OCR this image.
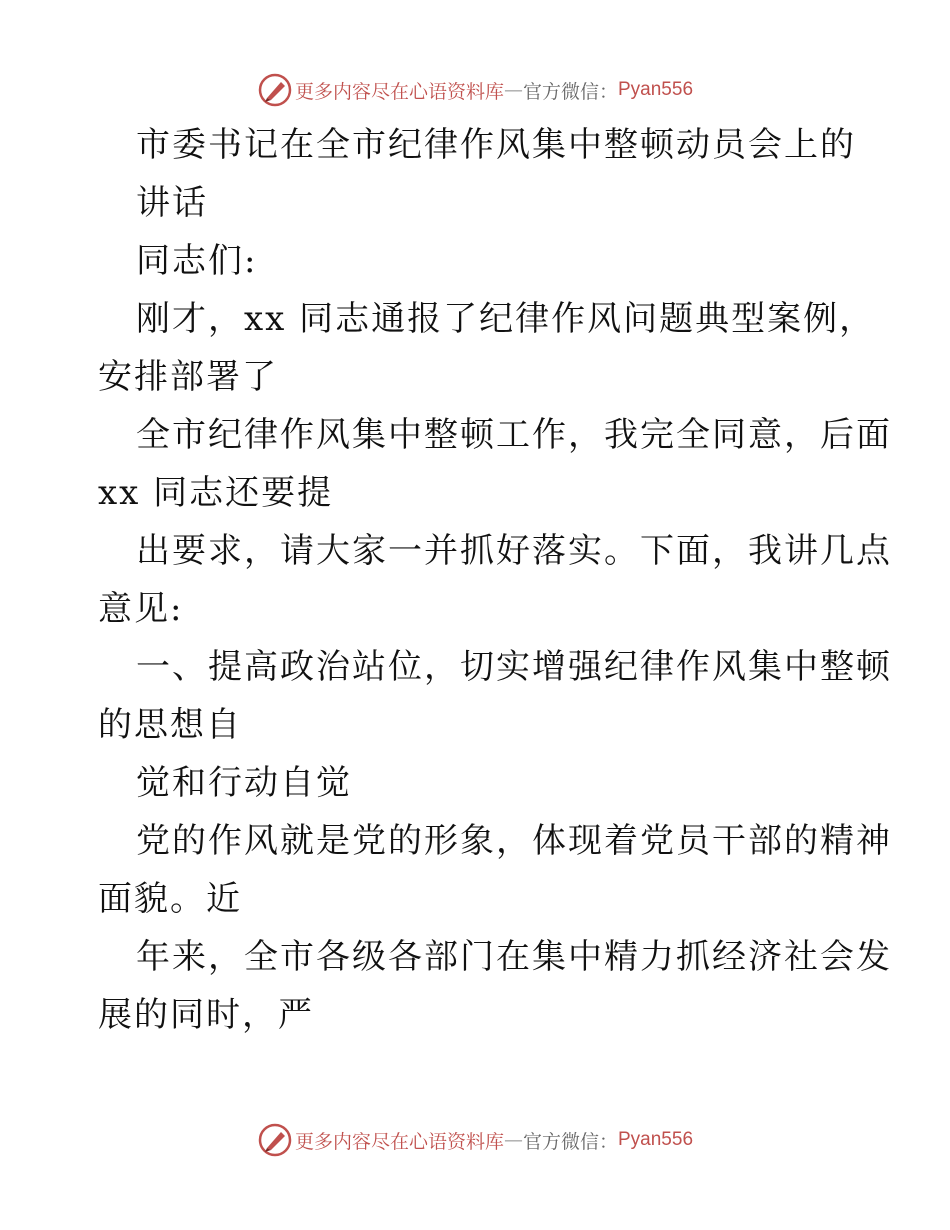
更多内容尽在心语资料库 — 官方微信： Pyan556
市委书记在全市纪律作风集中整顿动员会上的
讲话
同志们:
刚才，xx 同志通报了纪律作风问题典型案例，
安排部署了
全市纪律作风集中整顿工作，我完全同意，后面
xx 同志还要提
出要求，请大家一并抓好落实。下面，我讲几点
意见:
一、提高政治站位，切实增强纪律作风集中整顿
的思想自
觉和行动自觉
党的作风就是党的形象，体现着党员干部的精神
面貌。近
年来，全市各级各部门在集中精力抓经济社会发
展的同时，严
更多内容尽在心语资料库 — 官方微信： Pyan556
